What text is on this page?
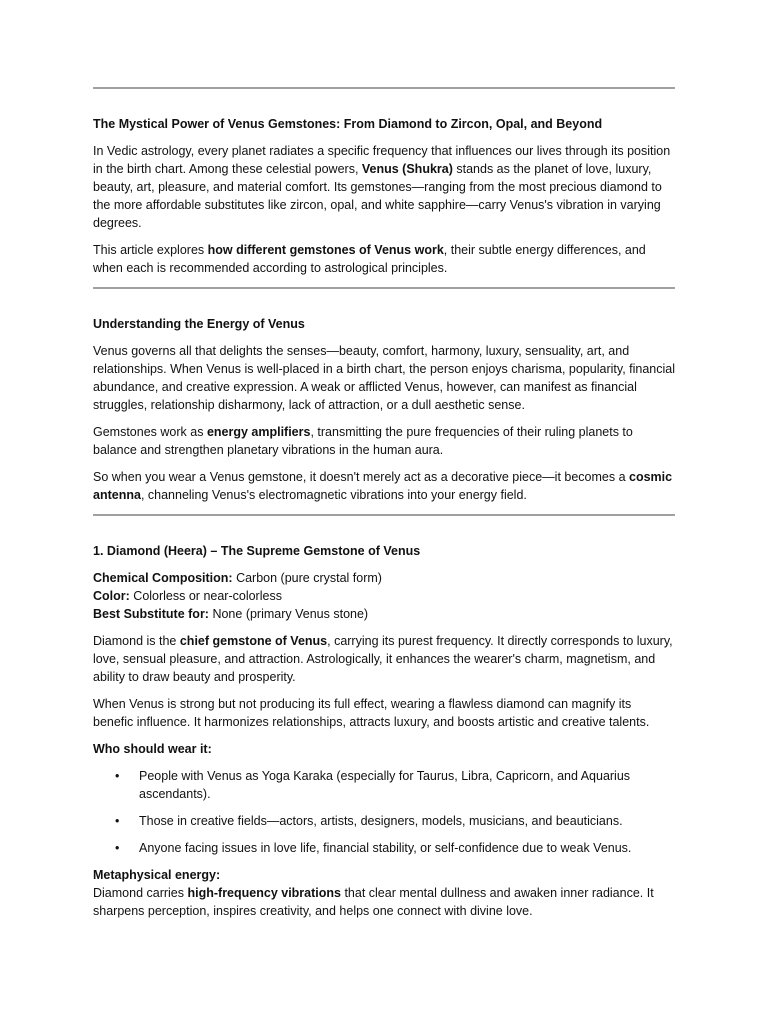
The Mystical Power of Venus Gemstones: From Diamond to Zircon, Opal, and Beyond

In Vedic astrology, every planet radiates a specific frequency that influences our lives through its position in the birth chart. Among these celestial powers, Venus (Shukra) stands as the planet of love, luxury, beauty, art, pleasure, and material comfort. Its gemstones—ranging from the most precious diamond to the more affordable substitutes like zircon, opal, and white sapphire—carry Venus's vibration in varying degrees.

This article explores how different gemstones of Venus work, their subtle energy differences, and when each is recommended according to astrological principles.

Understanding the Energy of Venus

Venus governs all that delights the senses—beauty, comfort, harmony, luxury, sensuality, art, and relationships. When Venus is well-placed in a birth chart, the person enjoys charisma, popularity, financial abundance, and creative expression. A weak or afflicted Venus, however, can manifest as financial struggles, relationship disharmony, lack of attraction, or a dull aesthetic sense.

Gemstones work as energy amplifiers, transmitting the pure frequencies of their ruling planets to balance and strengthen planetary vibrations in the human aura.

So when you wear a Venus gemstone, it doesn't merely act as a decorative piece—it becomes a cosmic antenna, channeling Venus's electromagnetic vibrations into your energy field.

1. Diamond (Heera) – The Supreme Gemstone of Venus

Chemical Composition: Carbon (pure crystal form)

Color: Colorless or near-colorless

Best Substitute for: None (primary Venus stone)

Diamond is the chief gemstone of Venus, carrying its purest frequency. It directly corresponds to luxury, love, sensual pleasure, and attraction. Astrologically, it enhances the wearer's charm, magnetism, and ability to draw beauty and prosperity.

When Venus is strong but not producing its full effect, wearing a flawless diamond can magnify its benefic influence. It harmonizes relationships, attracts luxury, and boosts artistic and creative talents.

Who should wear it:

• People with Venus as Yoga Karaka (especially for Taurus, Libra, Capricorn, and Aquarius ascendants).
• Those in creative fields—actors, artists, designers, models, musicians, and beauticians.
• Anyone facing issues in love life, financial stability, or self-confidence due to weak Venus.

Metaphysical energy:

Diamond carries high-frequency vibrations that clear mental dullness and awaken inner radiance. It sharpens perception, inspires creativity, and helps one connect with divine love.
